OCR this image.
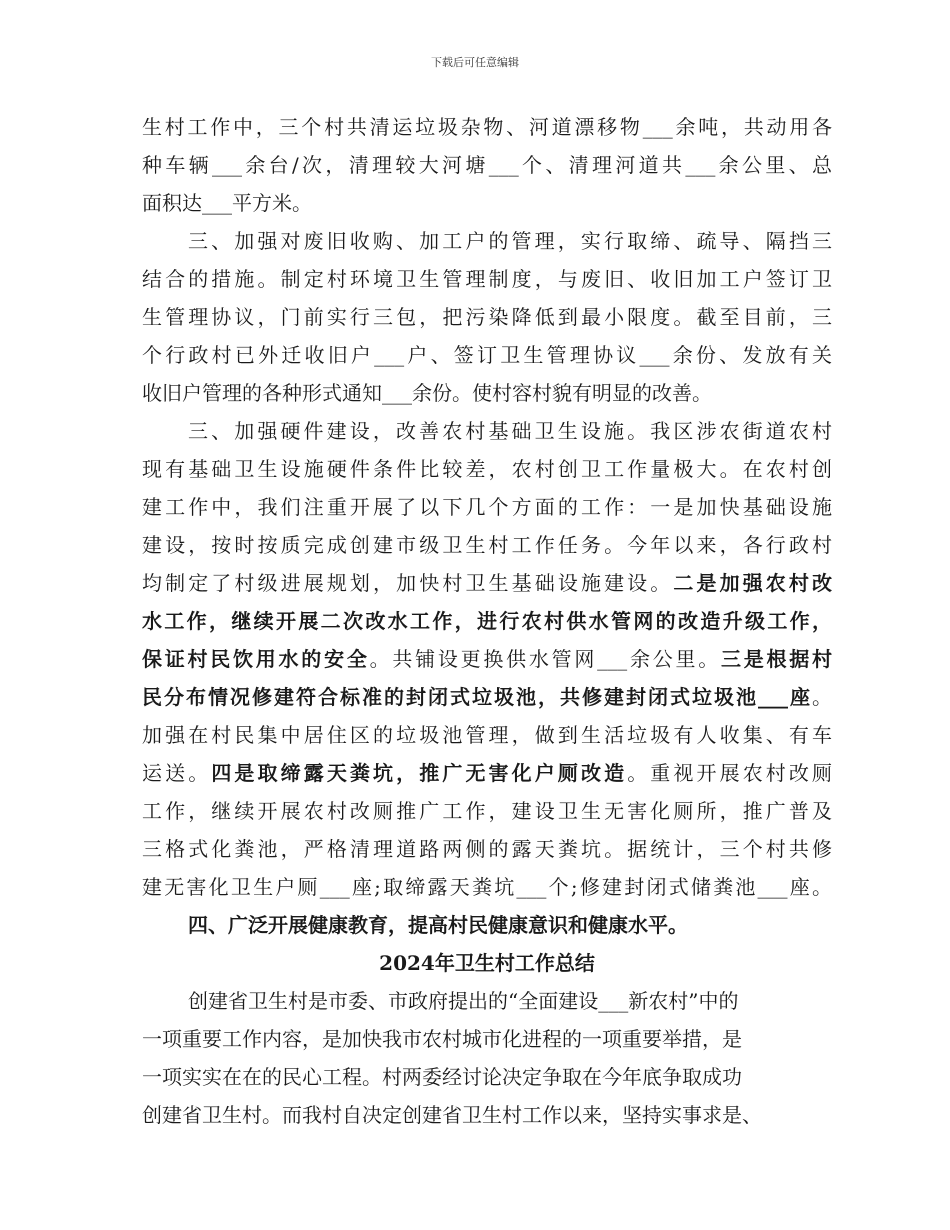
下载后可任意编辑
生村工作中，三个村共清运垃圾杂物、河道漂移物___余吨，共动用各
种车辆___余台/次，清理较大河塘___个、清理河道共___余公里、总
面积达___平方米。
三、加强对废旧收购、加工户的管理，实行取缔、疏导、隔挡三
结合的措施。制定村环境卫生管理制度，与废旧、收旧加工户签订卫
生管理协议，门前实行三包，把污染降低到最小限度。截至目前，三
个行政村已外迁收旧户___户、签订卫生管理协议___余份、发放有关
收旧户管理的各种形式通知___余份。使村容村貌有明显的改善。
三、加强硬件建设，改善农村基础卫生设施。我区涉农街道农村
现有基础卫生设施硬件条件比较差，农村创卫工作量极大。在农村创
建工作中，我们注重开展了以下几个方面的工作：一是加快基础设施
建设，按时按质完成创建市级卫生村工作任务。今年以来，各行政村
均制定了村级进展规划，加快村卫生基础设施建设。二是加强农村改
水工作，继续开展二次改水工作，进行农村供水管网的改造升级工作，
保证村民饮用水的安全。共铺设更换供水管网___余公里。三是根据村
民分布情况修建符合标准的封闭式垃圾池，共修建封闭式垃圾池___座。
加强在村民集中居住区的垃圾池管理，做到生活垃圾有人收集、有车
运送。四是取缔露天粪坑，推广无害化户厕改造。重视开展农村改厕
工作，继续开展农村改厕推广工作，建设卫生无害化厕所，推广普及
三格式化粪池，严格清理道路两侧的露天粪坑。据统计，三个村共修
建无害化卫生户厕___座;取缔露天粪坑___个;修建封闭式储粪池___座。
四、广泛开展健康教育，提高村民健康意识和健康水平。
2024年卫生村工作总结
创建省卫生村是市委、市政府提出的“全面建设___新农村”中的
一项重要工作内容，是加快我市农村城市化进程的一项重要举措，是
一项实实在在的民心工程。村两委经讨论决定争取在今年底争取成功
创建省卫生村。而我村自决定创建省卫生村工作以来，坚持实事求是、
